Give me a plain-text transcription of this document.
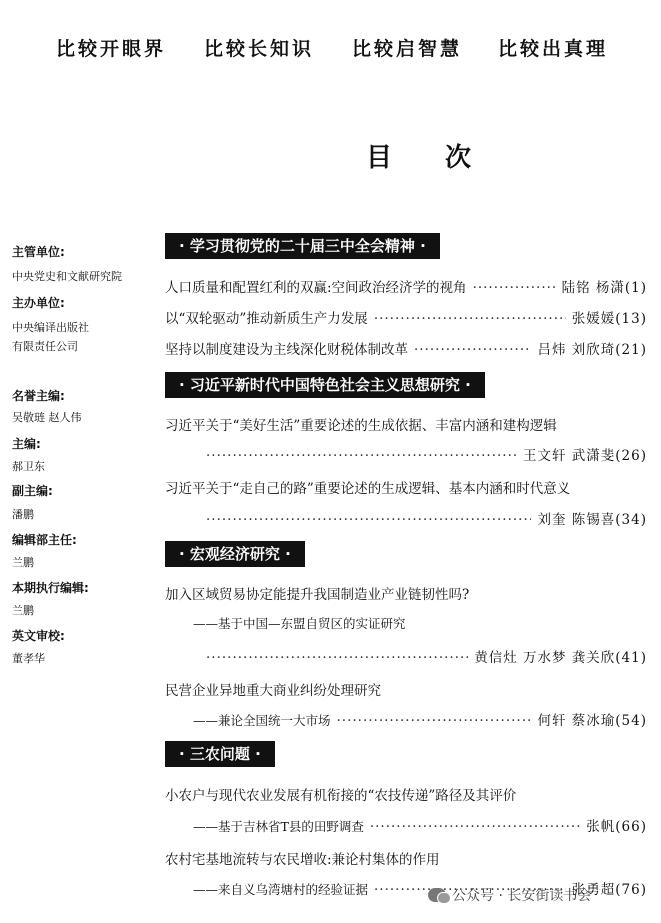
比较开眼界 比较长知识 比较启智慧 比较出真理
目 次
主管单位:
中央党史和文献研究院
主办单位:
中央编译出版社
有限责任公司
名誉主编:
吴敬琏 赵人伟
主编:
郝卫东
副主编:
潘鹏
编辑部主任:
兰鹏
本期执行编辑:
兰鹏
英文审校:
董孝华
· 学习贯彻党的二十届三中全会精神 ·
人口质量和配置红利的双赢:空间政治经济学的视角 ·····	陆铭 杨潇(1)
以“双轮驱动”推动新质生产力发展 ·····	张媛媛(13)
坚持以制度建设为主线深化财税体制改革 ·····	吕炜 刘欣琦(21)
· 习近平新时代中国特色社会主义思想研究 ·
习近平关于“美好生活”重要论述的生成依据、丰富内涵和建构逻辑
·····
王文轩 武潇斐(26)
习近平关于“走自己的路”重要论述的生成逻辑、基本内涵和时代意义
·····
刘奎 陈锡喜(34)
· 宏观经济研究 ·
加入区域贸易协定能提升我国制造业产业链韧性吗?
——基于中国—东盟自贸区的实证研究
·····
黄信灶 万水梦 龚关欣(41)
民营企业异地重大商业纠纷处理研究
——兼论全国统一大市场 ·····	何轩 蔡冰瑜(54)
· 三农问题 ·
小农户与现代农业发展有机衔接的“农技传递”路径及其评价
——基于吉林省T县的田野调查 ·····	张帆(66)
农村宅基地流转与农民增收:兼论村集体的作用
——来自义乌湾塘村的经验证据 ·····	张勇超(76)
公众号 · 长安街读书会
